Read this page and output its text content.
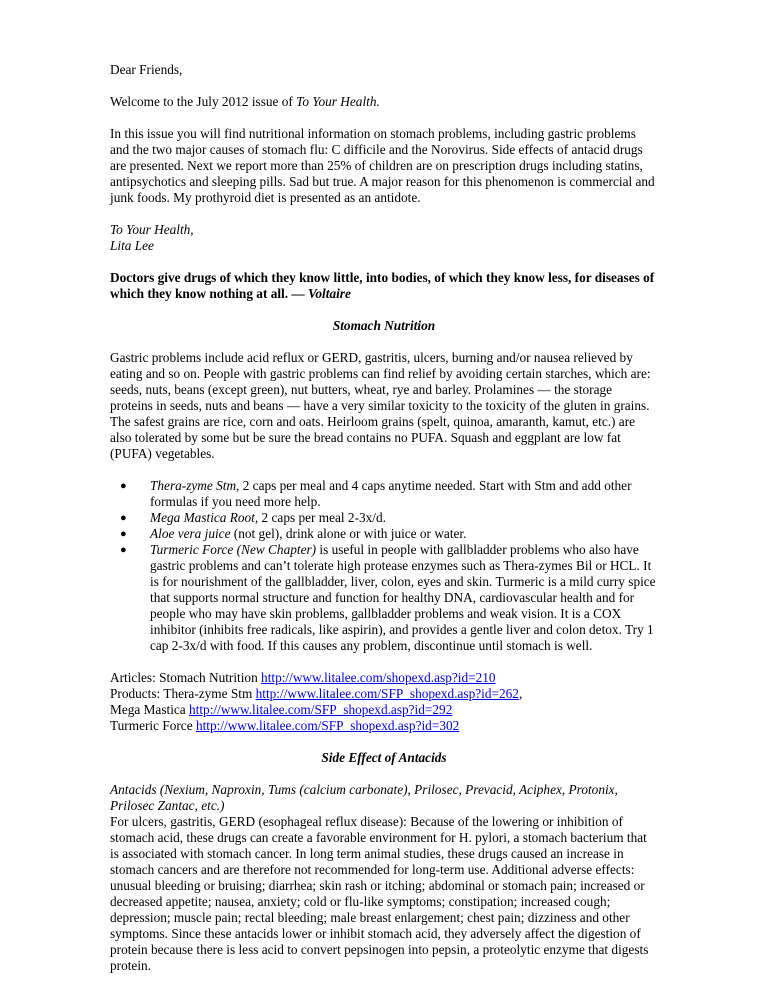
Dear Friends,

Welcome to the July 2012 issue of To Your Health.

In this issue you will find nutritional information on stomach problems, including gastric problems and the two major causes of stomach flu: C difficile and the Norovirus. Side effects of antacid drugs are presented. Next we report more than 25% of children are on prescription drugs including statins, antipsychotics and sleeping pills. Sad but true. A major reason for this phenomenon is commercial and junk foods. My prothyroid diet is presented as an antidote.

To Your Health,

Lita Lee

Doctors give drugs of which they know little, into bodies, of which they know less, for diseases of which they know nothing at all. — Voltaire

Stomach Nutrition

Gastric problems include acid reflux or GERD, gastritis, ulcers, burning and/or nausea relieved by eating and so on. People with gastric problems can find relief by avoiding certain starches, which are: seeds, nuts, beans (except green), nut butters, wheat, rye and barley. Prolamines — the storage proteins in seeds, nuts and beans — have a very similar toxicity to the toxicity of the gluten in grains. The safest grains are rice, corn and oats. Heirloom grains (spelt, quinoa, amaranth, kamut, etc.) are also tolerated by some but be sure the bread contains no PUFA. Squash and eggplant are low fat (PUFA) vegetables.

● Thera-zyme Stm, 2 caps per meal and 4 caps anytime needed. Start with Stm and add other formulas if you need more help.
● Mega Mastica Root, 2 caps per meal 2-3x/d.
● Aloe vera juice (not gel), drink alone or with juice or water.
● Turmeric Force (New Chapter) is useful in people with gallbladder problems who also have gastric problems and can’t tolerate high protease enzymes such as Thera-zymes Bil or HCL. It is for nourishment of the gallbladder, liver, colon, eyes and skin. Turmeric is a mild curry spice that supports normal structure and function for healthy DNA, cardiovascular health and for people who may have skin problems, gallbladder problems and weak vision. It is a COX inhibitor (inhibits free radicals, like aspirin), and provides a gentle liver and colon detox. Try 1 cap 2-3x/d with food. If this causes any problem, discontinue until stomach is well.

Articles: Stomach Nutrition http://www.litalee.com/shopexd.asp?id=210

Products: Thera-zyme Stm http://www.litalee.com/SFP_shopexd.asp?id=262,

Mega Mastica http://www.litalee.com/SFP_shopexd.asp?id=292

Turmeric Force http://www.litalee.com/SFP_shopexd.asp?id=302

Side Effect of Antacids

Antacids (Nexium, Naproxin, Tums (calcium carbonate), Prilosec, Prevacid, Aciphex, Protonix, Prilosec Zantac, etc.)

For ulcers, gastritis, GERD (esophageal reflux disease): Because of the lowering or inhibition of stomach acid, these drugs can create a favorable environment for H. pylori, a stomach bacterium that is associated with stomach cancer. In long term animal studies, these drugs caused an increase in stomach cancers and are therefore not recommended for long-term use. Additional adverse effects: unusual bleeding or bruising; diarrhea; skin rash or itching; abdominal or stomach pain; increased or decreased appetite; nausea, anxiety; cold or flu-like symptoms; constipation; increased cough; depression; muscle pain; rectal bleeding; male breast enlargement; chest pain; dizziness and other symptoms. Since these antacids lower or inhibit stomach acid, they adversely affect the digestion of protein because there is less acid to convert pepsinogen into pepsin, a proteolytic enzyme that digests protein.
